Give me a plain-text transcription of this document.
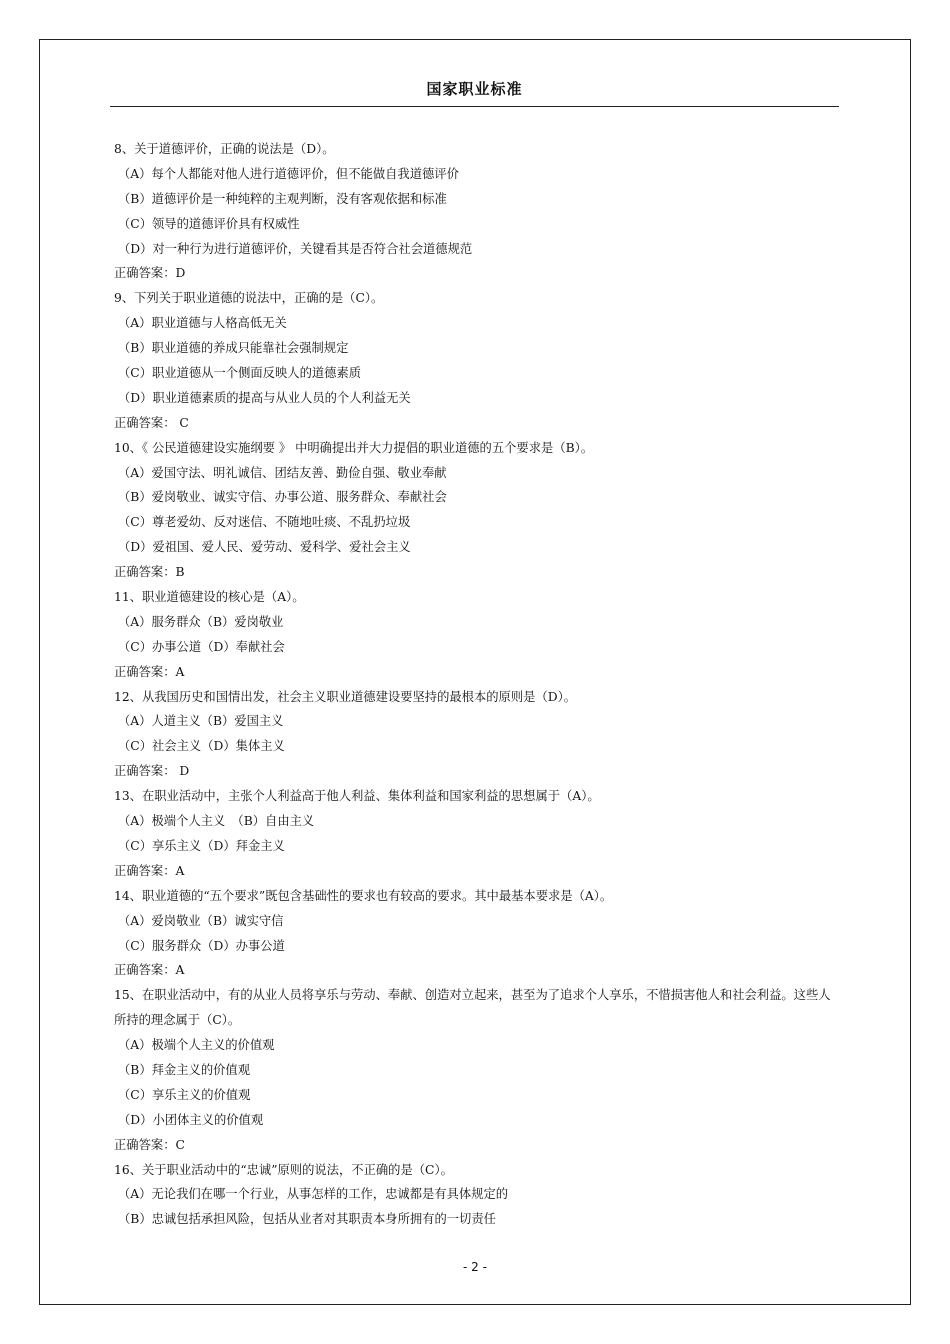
国家职业标准
8、关于道德评价，正确的说法是（D）。
（A）每个人都能对他人进行道德评价，但不能做自我道德评价
（B）道德评价是一种纯粹的主观判断，没有客观依据和标准
（C）领导的道德评价具有权威性
（D）对一种行为进行道德评价，关键看其是否符合社会道德规范
正确答案：D
9、下列关于职业道德的说法中，正确的是（C）。
（A）职业道德与人格高低无关
（B）职业道德的养成只能靠社会强制规定
（C）职业道德从一个侧面反映人的道德素质
（D）职业道德素质的提高与从业人员的个人利益无关
正确答案： C
10、《 公民道德建设实施纲要 》 中明确提出并大力提倡的职业道德的五个要求是（B）。
（A）爱国守法、明礼诚信、团结友善、勤俭自强、敬业奉献
（B）爱岗敬业、诚实守信、办事公道、服务群众、奉献社会
（C）尊老爱幼、反对迷信、不随地吐痰、不乱扔垃圾
（D）爱祖国、爱人民、爱劳动、爱科学、爱社会主义
正确答案：B
11、职业道德建设的核心是（A）。
（A）服务群众（B）爱岗敬业
（C）办事公道（D）奉献社会
正确答案：A
12、从我国历史和国情出发，社会主义职业道德建设要坚持的最根本的原则是（D）。
（A）人道主义（B）爱国主义
（C）社会主义（D）集体主义
正确答案： D
13、在职业活动中，主张个人利益高于他人利益、集体利益和国家利益的思想属于（A）。
（A）极端个人主义　（B）自由主义
（C）享乐主义（D）拜金主义
正确答案：A
14、职业道德的“五个要求”既包含基础性的要求也有较高的要求。其中最基本要求是（A）。
（A）爱岗敬业（B）诚实守信
（C）服务群众（D）办事公道
正确答案：A
15、在职业活动中，有的从业人员将享乐与劳动、奉献、创造对立起来，甚至为了追求个人享乐，不惜损害他人和社会利益。这些人所持的理念属于（C）。
（A）极端个人主义的价值观
（B）拜金主义的价值观
（C）享乐主义的价值观
（D）小团体主义的价值观
正确答案：C
16、关于职业活动中的“忠诚”原则的说法，不正确的是（C）。
（A）无论我们在哪一个行业，从事怎样的工作，忠诚都是有具体规定的
（B）忠诚包括承担风险，包括从业者对其职责本身所拥有的一切责任
- 2 -
